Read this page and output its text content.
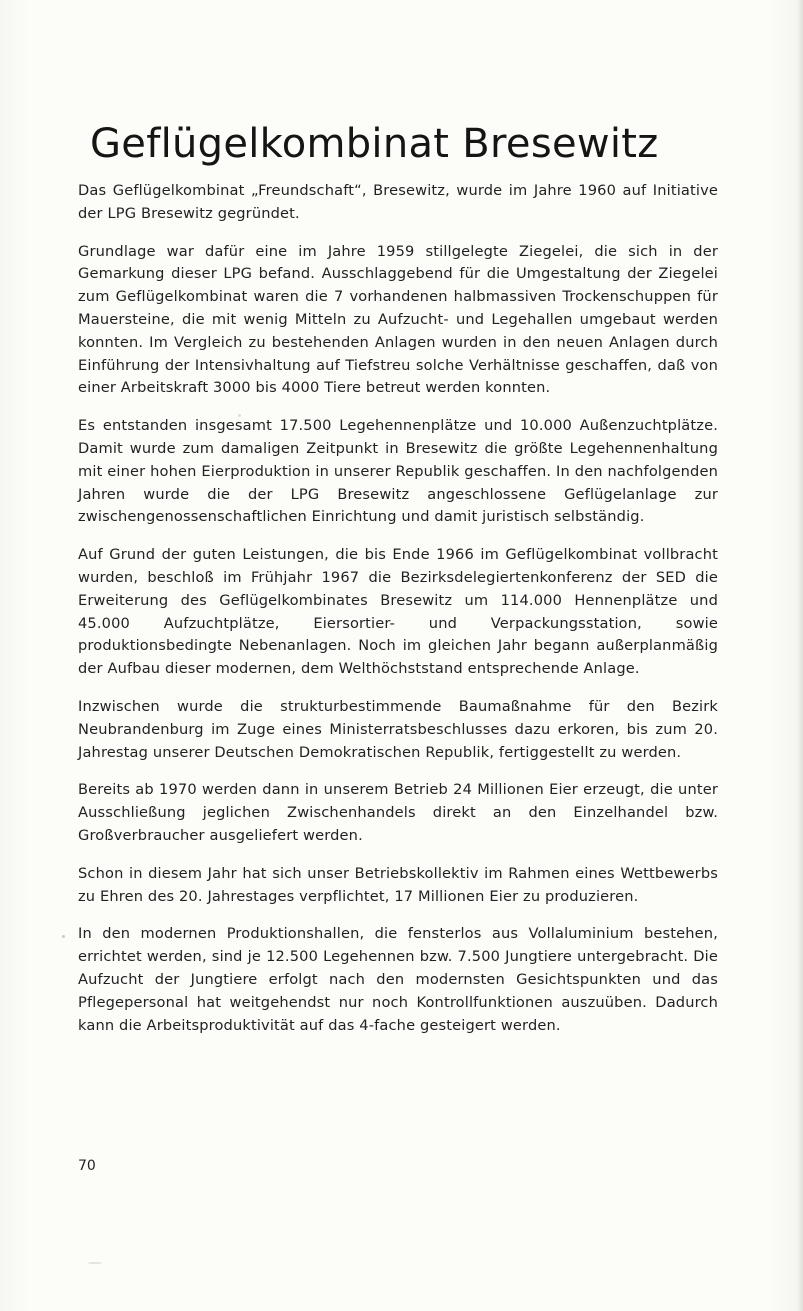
Geflügelkombinat Bresewitz

Das Geflügelkombinat „Freundschaft“, Bresewitz, wurde im Jahre 1960 auf Initiative der LPG Bresewitz gegründet.

Grundlage war dafür eine im Jahre 1959 stillgelegte Ziegelei, die sich in der Gemarkung dieser LPG befand. Ausschlaggebend für die Umgestaltung der Ziegelei zum Geflügelkombinat waren die 7 vorhandenen halbmassiven Trockenschuppen für Mauersteine, die mit wenig Mitteln zu Aufzucht- und Legehallen umgebaut werden konnten. Im Vergleich zu bestehenden Anlagen wurden in den neuen Anlagen durch Einführung der Intensivhaltung auf Tiefstreu solche Verhältnisse geschaffen, daß von einer Arbeitskraft 3000 bis 4000 Tiere betreut werden konnten.

Es entstanden insgesamt 17.500 Legehennenplätze und 10.000 Außenzuchtplätze. Damit wurde zum damaligen Zeitpunkt in Bresewitz die größte Legehennenhaltung mit einer hohen Eierproduktion in unserer Republik geschaffen. In den nachfolgenden Jahren wurde die der LPG Bresewitz angeschlossene Geflügelanlage zur zwischengenossenschaftlichen Einrichtung und damit juristisch selbständig.

Auf Grund der guten Leistungen, die bis Ende 1966 im Geflügelkombinat vollbracht wurden, beschloß im Frühjahr 1967 die Bezirksdelegiertenkonferenz der SED die Erweiterung des Geflügelkombinates Bresewitz um 114.000 Hennenplätze und 45.000 Aufzuchtplätze, Eiersortier- und Verpackungsstation, sowie produktionsbedingte Nebenanlagen. Noch im gleichen Jahr begann außerplanmäßig der Aufbau dieser modernen, dem Welthöchststand entsprechende Anlage.

Inzwischen wurde die strukturbestimmende Baumaßnahme für den Bezirk Neubrandenburg im Zuge eines Ministerratsbeschlusses dazu erkoren, bis zum 20. Jahrestag unserer Deutschen Demokratischen Republik, fertiggestellt zu werden.

Bereits ab 1970 werden dann in unserem Betrieb 24 Millionen Eier erzeugt, die unter Ausschließung jeglichen Zwischenhandels direkt an den Einzelhandel bzw. Großverbraucher ausgeliefert werden.

Schon in diesem Jahr hat sich unser Betriebskollektiv im Rahmen eines Wettbewerbs zu Ehren des 20. Jahrestages verpflichtet, 17 Millionen Eier zu produzieren.

In den modernen Produktionshallen, die fensterlos aus Vollaluminium bestehen, errichtet werden, sind je 12.500 Legehennen bzw. 7.500 Jungtiere untergebracht. Die Aufzucht der Jungtiere erfolgt nach den modernsten Gesichtspunkten und das Pflegepersonal hat weitgehendst nur noch Kontrollfunktionen auszuüben. Dadurch kann die Arbeitsproduktivität auf das 4-fache gesteigert werden.

70
